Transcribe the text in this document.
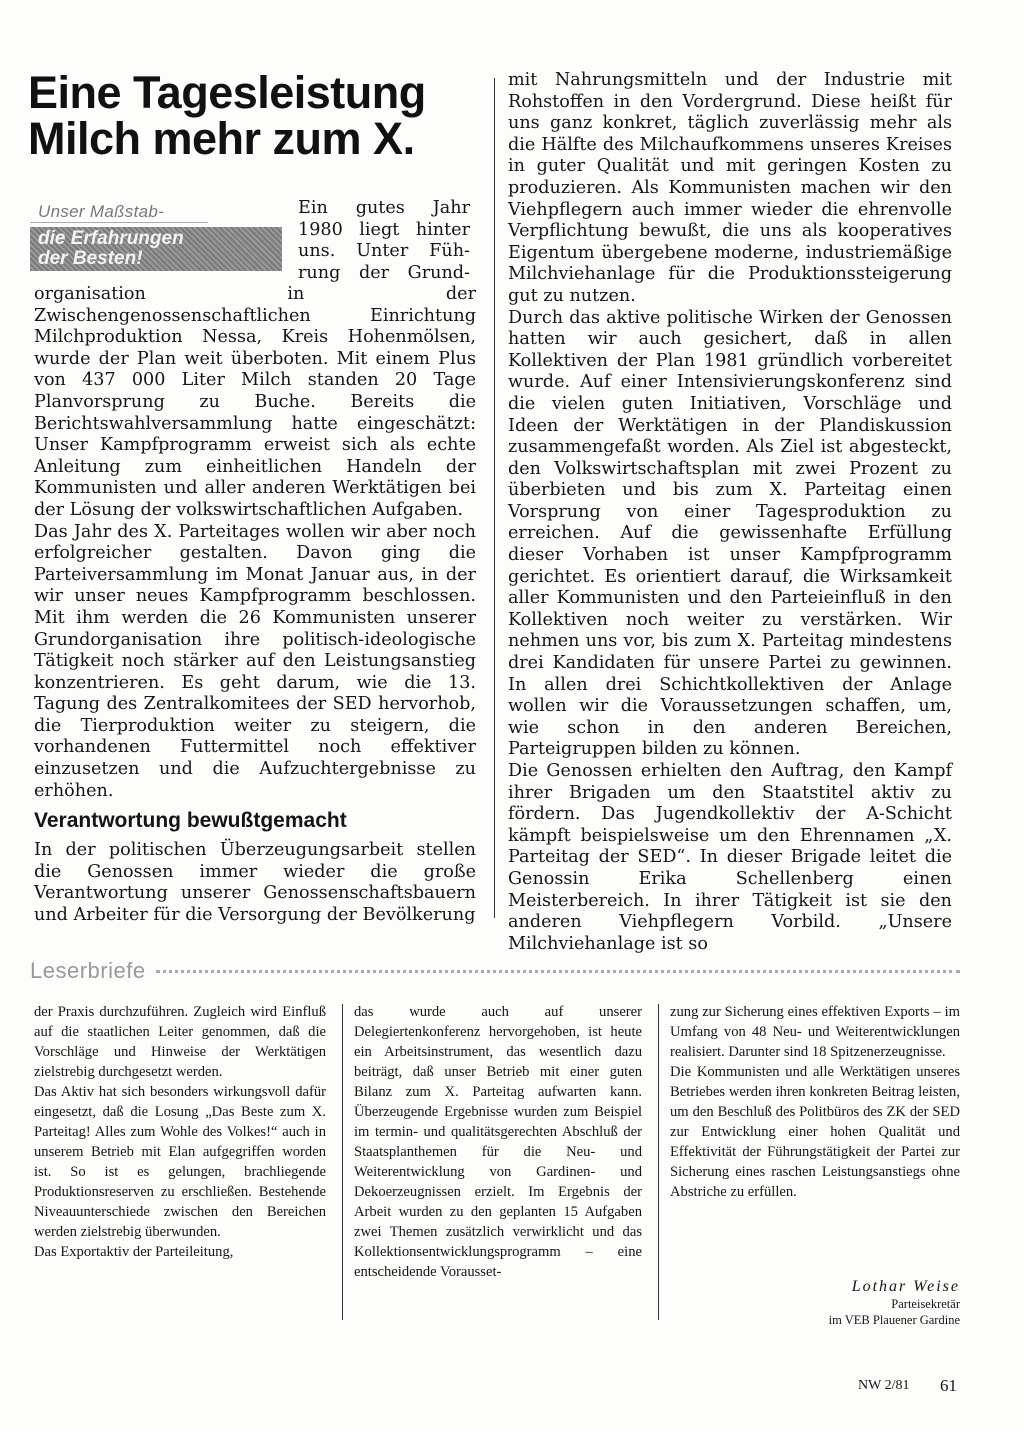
Eine Tagesleistung
Milch mehr zum X.
Unser Maßstab-
die Erfahrungen
der Besten!
Ein gutes Jahr
1980 liegt hinter
uns. Unter Füh-
rung der Grund-

organisation in der Zwischengenossenschaftlichen Einrichtung Milchproduktion Nessa, Kreis Hohenmölsen, wurde der Plan weit überboten. Mit einem Plus von 437 000 Liter Milch standen 20 Tage Planvorsprung zu Buche. Bereits die Berichtswahlversammlung hatte eingeschätzt: Unser Kampfprogramm erweist sich als echte Anleitung zum einheitlichen Handeln der Kommunisten und aller anderen Werktätigen bei der Lösung der volkswirtschaftlichen Aufgaben.

Das Jahr des X. Parteitages wollen wir aber noch erfolgreicher gestalten. Davon ging die Parteiversammlung im Monat Januar aus, in der wir unser neues Kampfprogramm beschlossen. Mit ihm werden die 26 Kommunisten unserer Grundorganisation ihre politisch-ideologische Tätigkeit noch stärker auf den Leistungsanstieg konzentrieren. Es geht darum, wie die 13. Tagung des Zentralkomitees der SED hervorhob, die Tierproduktion weiter zu steigern, die vorhandenen Futtermittel noch effektiver einzusetzen und die Aufzuchtergebnisse zu erhöhen.

Verantwortung bewußtgemacht

In der politischen Überzeugungsarbeit stellen die Genossen immer wieder die große Verantwortung unserer Genossenschaftsbauern und Arbeiter für die Versorgung der Bevölkerung

mit Nahrungsmitteln und der Industrie mit Rohstoffen in den Vordergrund. Diese heißt für uns ganz konkret, täglich zuverlässig mehr als die Hälfte des Milchaufkommens unseres Kreises in guter Qualität und mit geringen Kosten zu produzieren. Als Kommunisten machen wir den Viehpflegern auch immer wieder die ehrenvolle Verpflichtung bewußt, die uns als kooperatives Eigentum übergebene moderne, industriemäßige Milchviehanlage für die Produktionssteigerung gut zu nutzen.

Durch das aktive politische Wirken der Genossen hatten wir auch gesichert, daß in allen Kollektiven der Plan 1981 gründlich vorbereitet wurde. Auf einer Intensivierungskonferenz sind die vielen guten Initiativen, Vorschläge und Ideen der Werktätigen in der Plandiskussion zusammengefaßt worden. Als Ziel ist abgesteckt, den Volkswirtschaftsplan mit zwei Prozent zu überbieten und bis zum X. Parteitag einen Vorsprung von einer Tagesproduktion zu erreichen. Auf die gewissenhafte Erfüllung dieser Vorhaben ist unser Kampfprogramm gerichtet. Es orientiert darauf, die Wirksamkeit aller Kommunisten und den Parteieinfluß in den Kollektiven noch weiter zu verstärken. Wir nehmen uns vor, bis zum X. Parteitag mindestens drei Kandidaten für unsere Partei zu gewinnen. In allen drei Schichtkollektiven der Anlage wollen wir die Voraussetzungen schaffen, um, wie schon in den anderen Bereichen, Parteigruppen bilden zu können.

Die Genossen erhielten den Auftrag, den Kampf ihrer Brigaden um den Staatstitel aktiv zu fördern. Das Jugendkollektiv der A-Schicht kämpft beispielsweise um den Ehrennamen „X. Parteitag der SED“. In dieser Brigade leitet die Genossin Erika Schellenberg einen Meisterbereich. In ihrer Tätigkeit ist sie den anderen Viehpflegern Vorbild. „Unsere Milchviehanlage ist so

Leserbriefe

der Praxis durchzuführen. Zugleich wird Einfluß auf die staatlichen Leiter genommen, daß die Vorschläge und Hinweise der Werktätigen zielstrebig durchgesetzt werden.

Das Aktiv hat sich besonders wirkungsvoll dafür eingesetzt, daß die Losung „Das Beste zum X. Parteitag! Alles zum Wohle des Volkes!“ auch in unserem Betrieb mit Elan aufgegriffen worden ist. So ist es gelungen, brachliegende Produktionsreserven zu erschließen. Bestehende Niveauunterschiede zwischen den Bereichen werden zielstrebig überwunden.

Das Exportaktiv der Parteileitung,

das wurde auch auf unserer Delegiertenkonferenz hervorgehoben, ist heute ein Arbeitsinstrument, das wesentlich dazu beiträgt, daß unser Betrieb mit einer guten Bilanz zum X. Parteitag aufwarten kann. Überzeugende Ergebnisse wurden zum Beispiel im termin- und qualitätsgerechten Abschluß der Staatsplanthemen für die Neu- und Weiterentwicklung von Gardinen- und Dekoerzeugnissen erzielt. Im Ergebnis der Arbeit wurden zu den geplanten 15 Aufgaben zwei Themen zusätzlich verwirklicht und das Kollektionsentwicklungsprogramm – eine entscheidende Vorausset-

zung zur Sicherung eines effektiven Exports – im Umfang von 48 Neu- und Weiterentwicklungen realisiert. Darunter sind 18 Spitzenerzeugnisse.

Die Kommunisten und alle Werktätigen unseres Betriebes werden ihren konkreten Beitrag leisten, um den Beschluß des Politbüros des ZK der SED zur Entwicklung einer hohen Qualität und Effektivität der Führungstätigkeit der Partei zur Sicherung eines raschen Leistungsanstiegs ohne Abstriche zu erfüllen.

Lothar Weise
Parteisekretär
im VEB Plauener Gardine
NW 2/81 61
